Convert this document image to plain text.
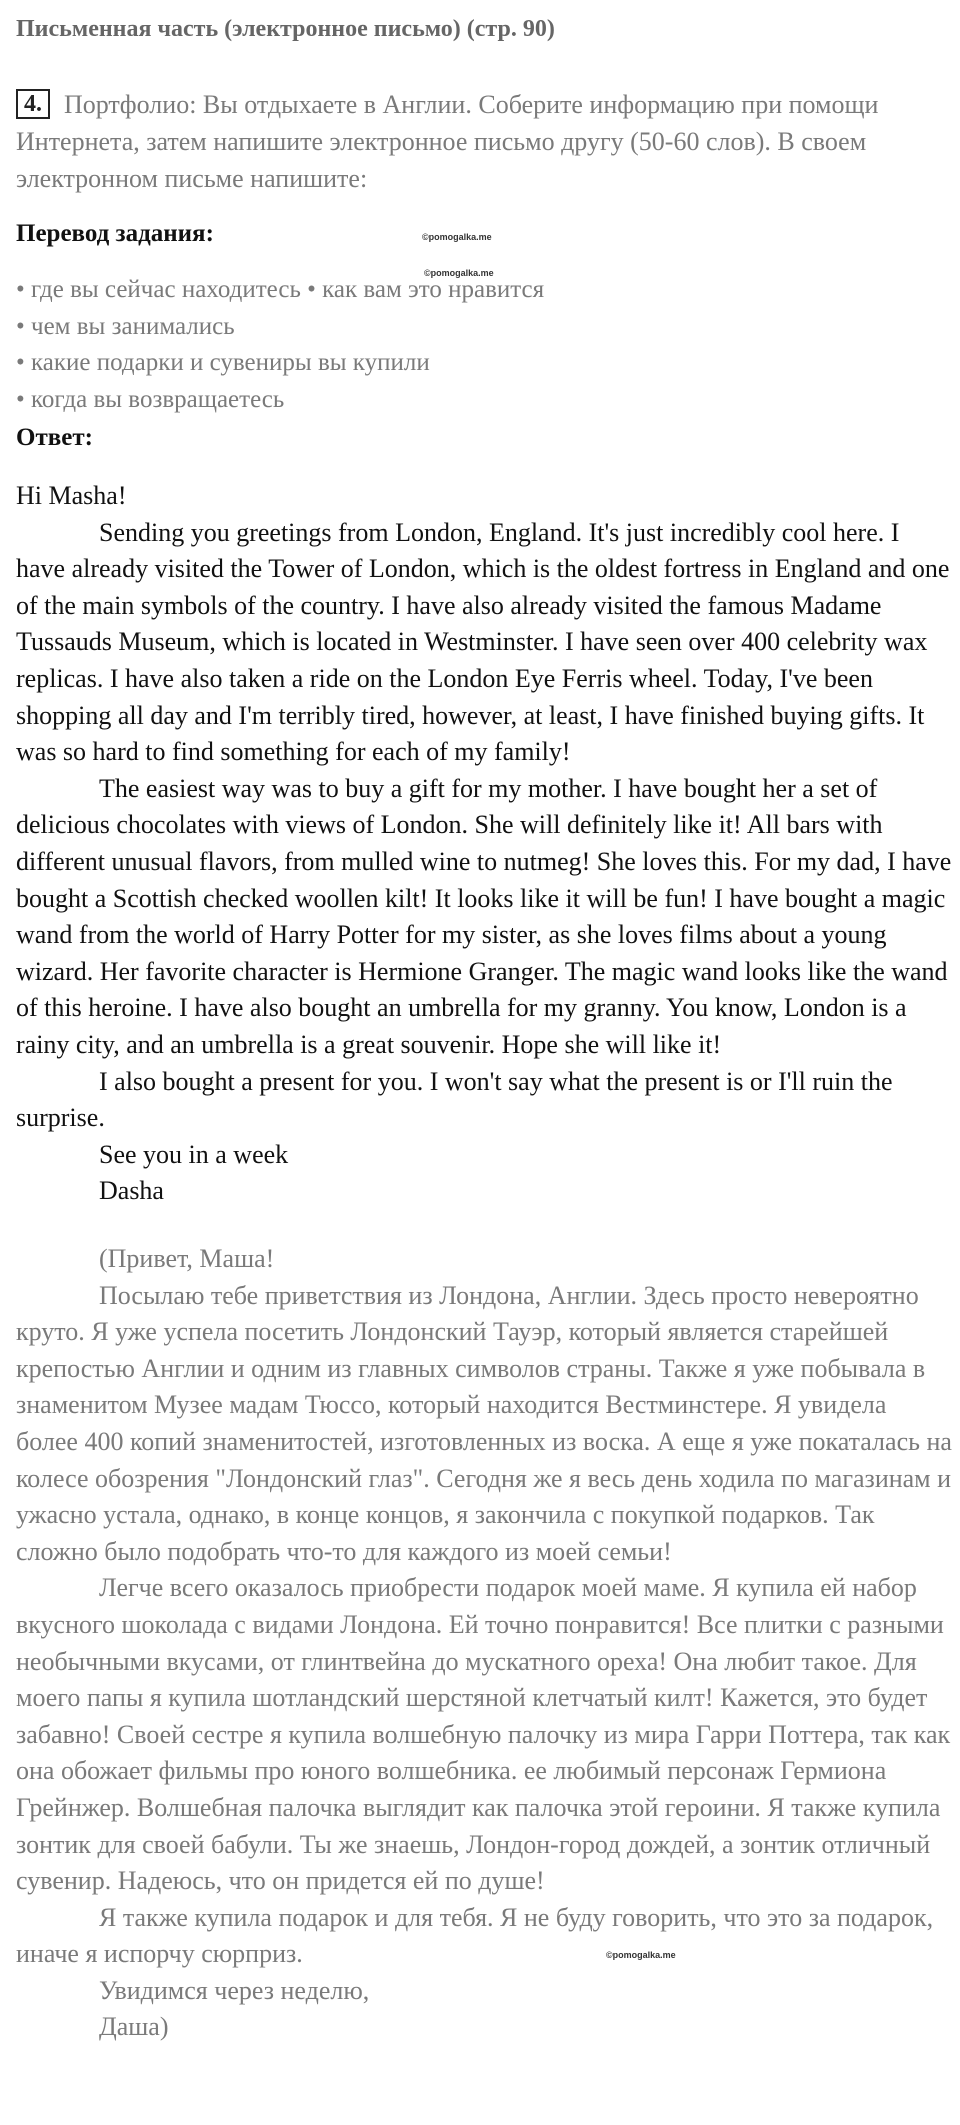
Письменная часть (электронное письмо) (стр. 90)
4. Портфолио: Вы отдыхаете в Англии. Соберите информацию при помощи Интернета, затем напишите электронное письмо другу (50-60 слов). В своем электронном письме напишите:
Перевод задания:	©pomogalka.me
©pomogalka.me
• где вы сейчас находитесь • как вам это нравится
• чем вы занимались
• какие подарки и сувениры вы купили
• когда вы возвращаетесь
Ответ:

Hi Masha!

Sending you greetings from London, England. It's just incredibly cool here. I have already visited the Tower of London, which is the oldest fortress in England and one of the main symbols of the country. I have also already visited the famous Madame Tussauds Museum, which is located in Westminster. I have seen over 400 celebrity wax replicas. I have also taken a ride on the London Eye Ferris wheel. Today, I've been shopping all day and I'm terribly tired, however, at least, I have finished buying gifts. It was so hard to find something for each of my family!

The easiest way was to buy a gift for my mother. I have bought her a set of delicious chocolates with views of London. She will definitely like it! All bars with different unusual flavors, from mulled wine to nutmeg! She loves this. For my dad, I have bought a Scottish checked woollen kilt! It looks like it will be fun! I have bought a magic wand from the world of Harry Potter for my sister, as she loves films about a young wizard. Her favorite character is Hermione Granger. The magic wand looks like the wand of this heroine. I have also bought an umbrella for my granny. You know, London is a rainy city, and an umbrella is a great souvenir. Hope she will like it!

I also bought a present for you. I won't say what the present is or I'll ruin the surprise.

See you in a week

Dasha

(Привет, Маша!

Посылаю тебе приветствия из Лондона, Англии. Здесь просто невероятно круто. Я уже успела посетить Лондонский Тауэр, который является старейшей крепостью Англии и одним из главных символов страны. Также я уже побывала в знаменитом Музее мадам Тюссо, который находится Вестминстере. Я увидела более 400 копий знаменитостей, изготовленных из воска. А еще я уже покаталась на колесе обозрения "Лондонский глаз". Сегодня же я весь день ходила по магазинам и ужасно устала, однако, в конце концов, я закончила с покупкой подарков. Так сложно было подобрать что-то для каждого из моей семьи!

Легче всего оказалось приобрести подарок моей маме. Я купила ей набор вкусного шоколада с видами Лондона. Ей точно понравится! Все плитки с разными необычными вкусами, от глинтвейна до мускатного ореха! Она любит такое. Для моего папы я купила шотландский шерстяной клетчатый килт! Кажется, это будет забавно! Своей сестре я купила волшебную палочку из мира Гарри Поттера, так как она обожает фильмы про юного волшебника. ее любимый персонаж Гермиона Грейнжер. Волшебная палочка выглядит как палочка этой героини. Я также купила зонтик для своей бабули. Ты же знаешь, Лондон-город дождей, а зонтик отличный сувенир. Надеюсь, что он придется ей по душе!

Я также купила подарок и для тебя. Я не буду говорить, что это за подарок, иначе я испорчу сюрприз.

Увидимся через неделю,

Даша)

©pomogalka.me
